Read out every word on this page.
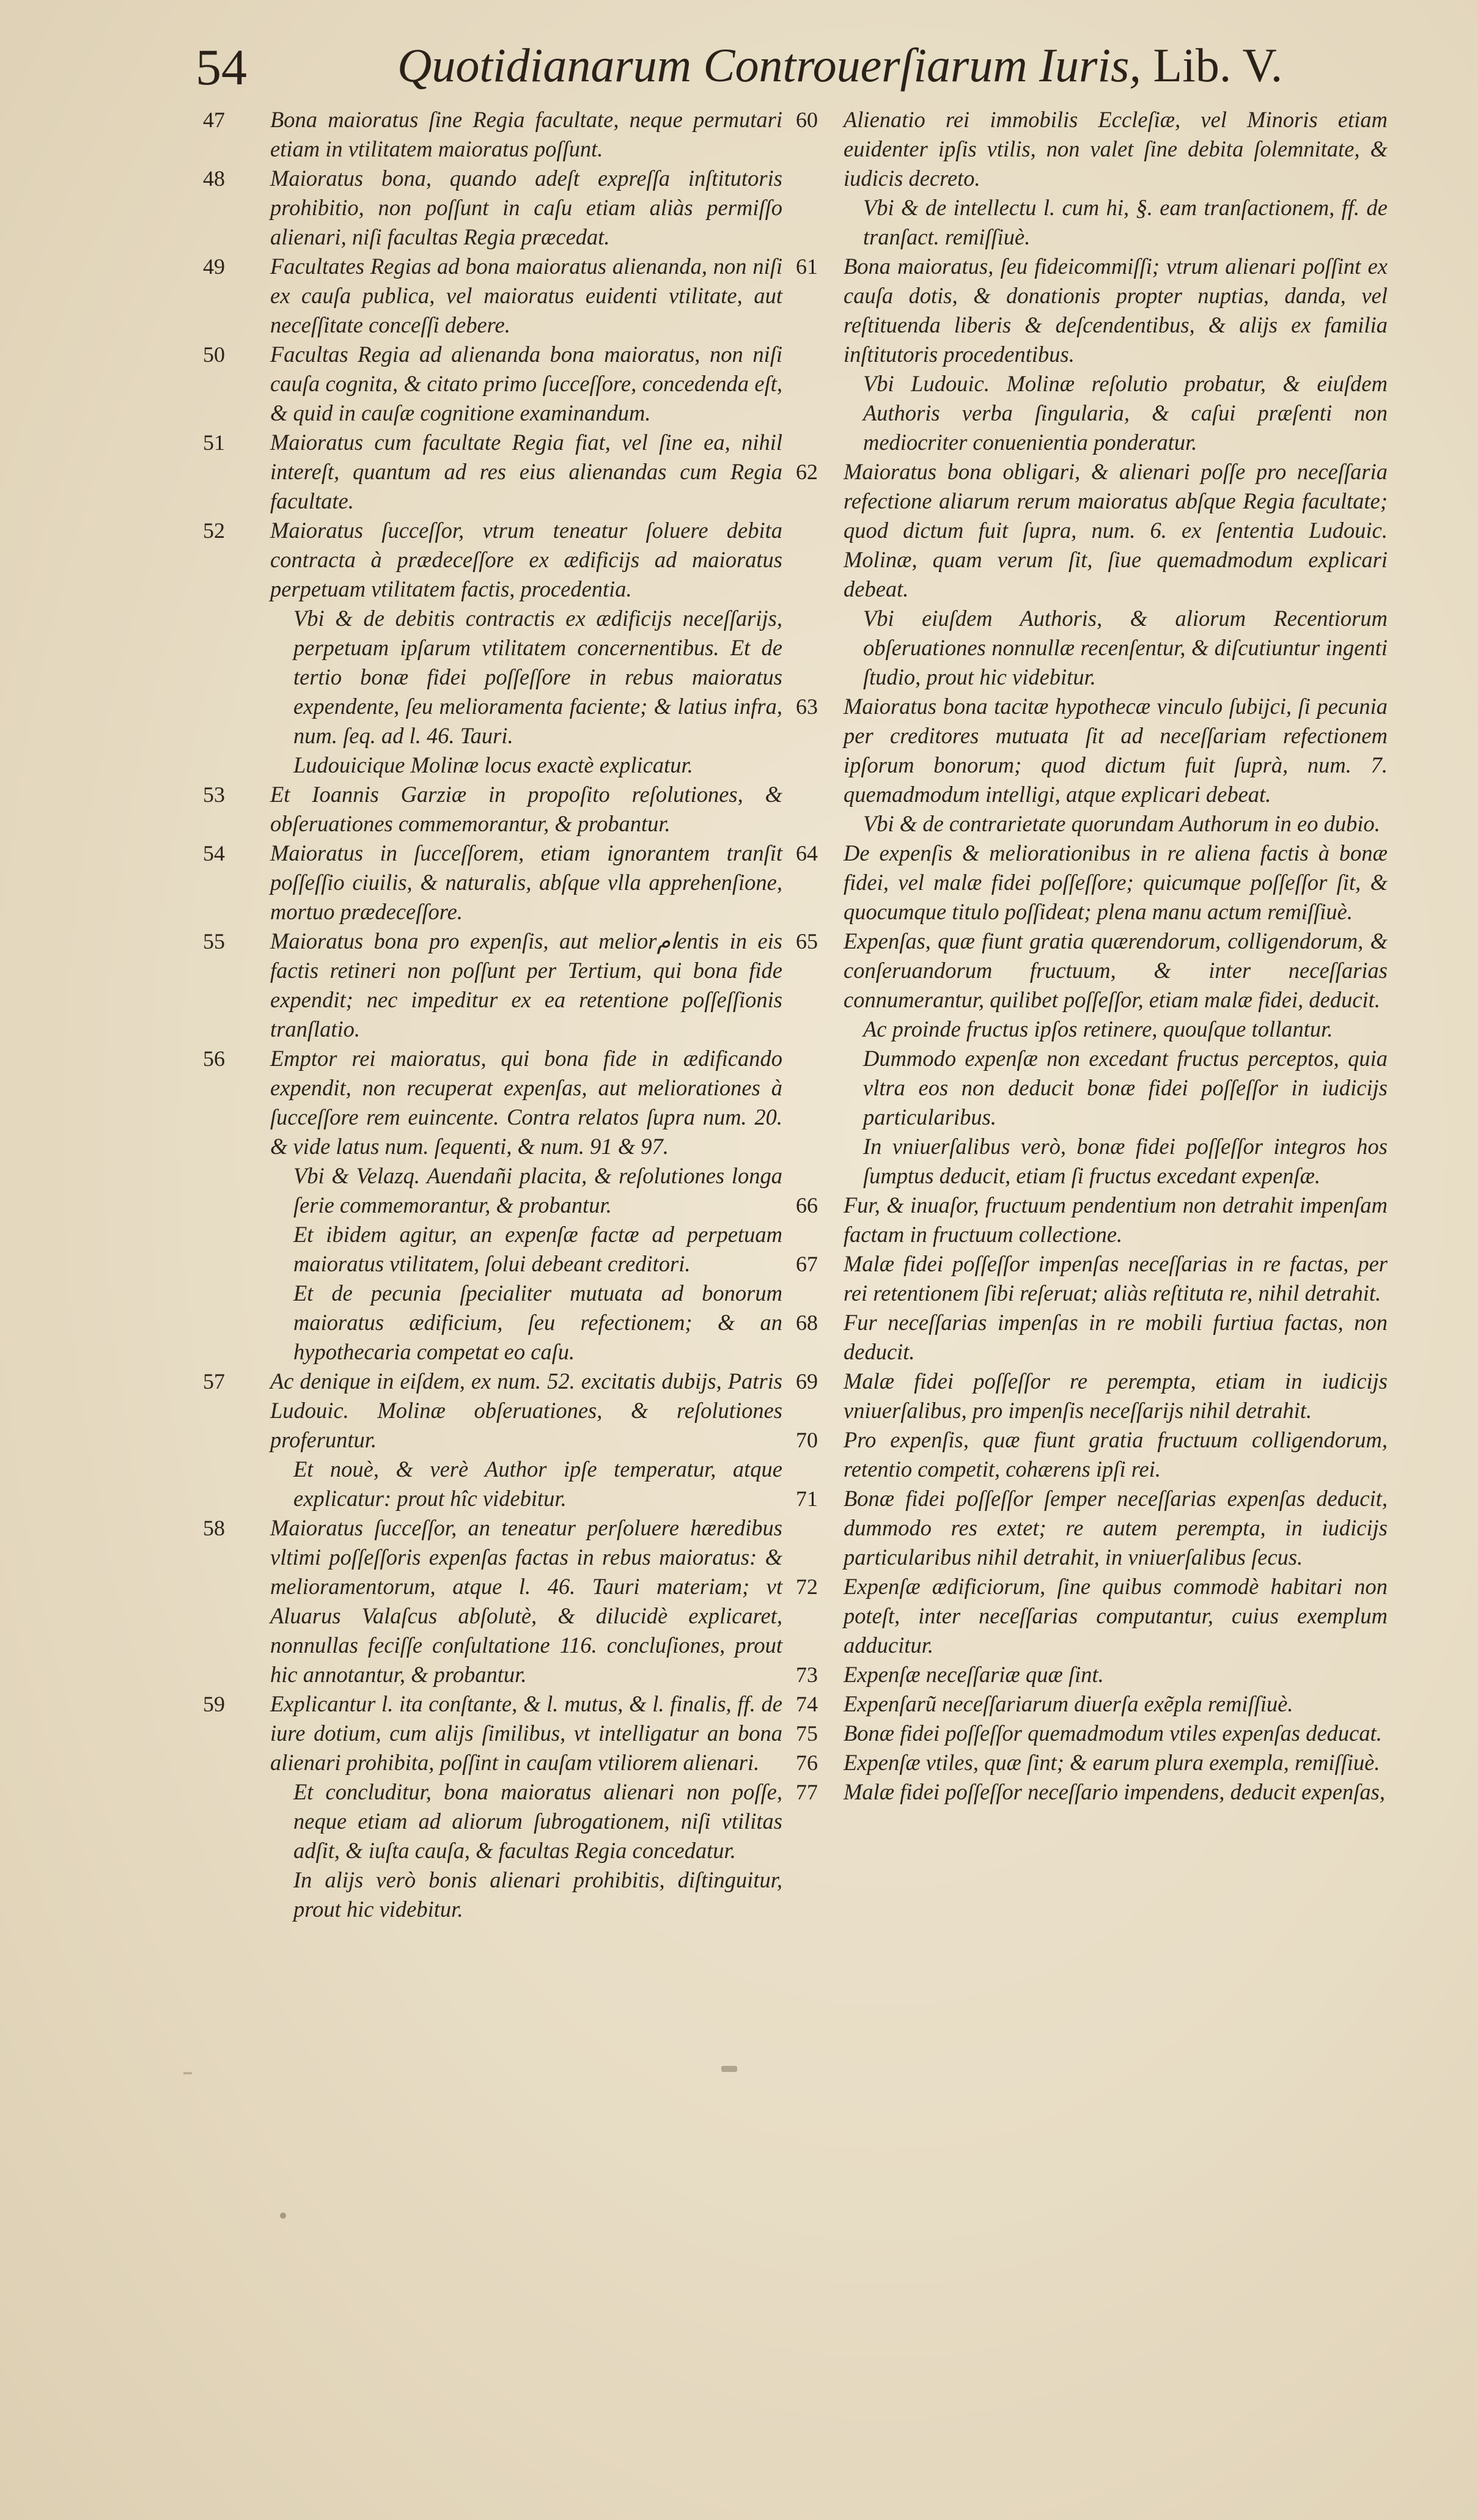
54	Quotidianarum Controuerſiarum Iuris, Lib. V.
47 Bona maioratus ſine Regia facultate, neque permutari etiam in vtilitatem maioratus poſſunt.
48 Maioratus bona, quando adeſt expreſſa inſtitutoris prohibitio, non poſſunt in caſu etiam aliàs permiſſo alienari, niſi facultas Regia præcedat.
49 Facultates Regias ad bona maioratus alienanda, non niſi ex cauſa publica, vel maioratus euidenti vtilitate, aut neceſſitate conceſſi debere.
50 Facultas Regia ad alienanda bona maioratus, non niſi cauſa cognita, & citato primo ſucceſſore, concedenda eſt, & quid in cauſæ cognitione examinandum.
51 Maioratus cum facultate Regia fiat, vel ſine ea, nihil intereſt, quantum ad res eius alienandas cum Regia facultate.
52 Maioratus ſucceſſor, vtrum teneatur ſoluere debita contracta à prædeceſſore ex ædificijs ad maioratus perpetuam vtilitatem factis, procedentia.
Vbi & de debitis contractis ex ædificijs neceſſarijs, perpetuam ipſarum vtilitatem concernentibus. Et de tertio bonæ fidei poſſeſſore in rebus maioratus expendente, ſeu melioramenta faciente; & latius infra, num. ſeq. ad l. 46. Tauri.
Ludouicique Molinæ locus exactè explicatur.
53 Et Ioannis Garziæ in propoſito reſolutiones, & obſeruationes commemorantur, & probantur.
54 Maioratus in ſucceſſorem, etiam ignorantem tranſit poſſeſſio ciuilis, & naturalis, abſque vlla apprehenſione, mortuo prædeceſſore.
55 Maioratus bona pro expenſis, aut meliorامentis in eis factis retineri non poſſunt per Tertium, qui bona fide expendit; nec impeditur ex ea retentione poſſeſſionis tranſlatio.
56 Emptor rei maioratus, qui bona fide in ædificando expendit, non recuperat expenſas, aut meliorationes à ſucceſſore rem euincente. Contra relatos ſupra num. 20. & vide latus num. ſequenti, & num. 91 & 97.
Vbi & Velazq. Auendañi placita, & reſolutiones longa ſerie commemorantur, & probantur.
Et ibidem agitur, an expenſæ factæ ad perpetuam maioratus vtilitatem, ſolui debeant creditori.
Et de pecunia ſpecialiter mutuata ad bonorum maioratus ædificium, ſeu refectionem; & an hypothecaria competat eo caſu.
57 Ac denique in eiſdem, ex num. 52. excitatis dubijs, Patris Ludouic. Molinæ obſeruationes, & reſolutiones proferuntur.
Et nouè, & verè Author ipſe temperatur, atque explicatur: prout hîc videbitur.
58 Maioratus ſucceſſor, an teneatur perſoluere hæredibus vltimi poſſeſſoris expenſas factas in rebus maioratus: & melioramentorum, atque l. 46. Tauri materiam; vt Aluarus Valaſcus abſolutè, & dilucidè explicaret, nonnullas feciſſe conſultatione 116. concluſiones, prout hic annotantur, & probantur.
59 Explicantur l. ita conſtante, & l. mutus, & l. finalis, ff. de iure dotium, cum alijs ſimilibus, vt intelligatur an bona alienari prohibita, poſſint in cauſam vtiliorem alienari.
Et concluditur, bona maioratus alienari non poſſe, neque etiam ad aliorum ſubrogationem, niſi vtilitas adſit, & iuſta cauſa, & facultas Regia concedatur.
In alijs verò bonis alienari prohibitis, diſtinguitur, prout hic videbitur.
60 Alienatio rei immobilis Eccleſiæ, vel Minoris etiam euidenter ipſis vtilis, non valet ſine debita ſolemnitate, & iudicis decreto.
Vbi & de intellectu l. cum hi, §. eam tranſactionem, ff. de tranſact. remiſſiuè.
61 Bona maioratus, ſeu fideicommiſſi; vtrum alienari poſſint ex cauſa dotis, & donationis propter nuptias, danda, vel reſtituenda liberis & deſcendentibus, & alijs ex familia inſtitutoris procedentibus.
Vbi Ludouic. Molinæ reſolutio probatur, & eiuſdem Authoris verba ſingularia, & caſui præſenti non mediocriter conuenientia ponderatur.
62 Maioratus bona obligari, & alienari poſſe pro neceſſaria refectione aliarum rerum maioratus abſque Regia facultate; quod dictum fuit ſupra, num. 6. ex ſententia Ludouic. Molinæ, quam verum ſit, ſiue quemadmodum explicari debeat.
Vbi eiuſdem Authoris, & aliorum Recentiorum obſeruationes nonnullæ recenſentur, & diſcutiuntur ingenti ſtudio, prout hic videbitur.
63 Maioratus bona tacitæ hypothecæ vinculo ſubijci, ſi pecunia per creditores mutuata ſit ad neceſſariam refectionem ipſorum bonorum; quod dictum fuit ſuprà, num. 7. quemadmodum intelligi, atque explicari debeat.
Vbi & de contrarietate quorundam Authorum in eo dubio.
64 De expenſis & meliorationibus in re aliena factis à bonæ fidei, vel malæ fidei poſſeſſore; quicumque poſſeſſor ſit, & quocumque titulo poſſideat; plena manu actum remiſſiuè.
65 Expenſas, quæ fiunt gratia quærendorum, colligendorum, & conſeruandorum fructuum, & inter neceſſarias connumerantur, quilibet poſſeſſor, etiam malæ fidei, deducit.
Ac proinde fructus ipſos retinere, quouſque tollantur.
Dummodo expenſæ non excedant fructus perceptos, quia vltra eos non deducit bonæ fidei poſſeſſor in iudicijs particularibus.
In vniuerſalibus verò, bonæ fidei poſſeſſor integros hos ſumptus deducit, etiam ſi fructus excedant expenſæ.
66 Fur, & inuaſor, fructuum pendentium non detrahit impenſam factam in fructuum collectione.
67 Malæ fidei poſſeſſor impenſas neceſſarias in re factas, per rei retentionem ſibi reſeruat; aliàs reſtituta re, nihil detrahit.
68 Fur neceſſarias impenſas in re mobili furtiua factas, non deducit.
69 Malæ fidei poſſeſſor re perempta, etiam in iudicijs vniuerſalibus, pro impenſis neceſſarijs nihil detrahit.
70 Pro expenſis, quæ fiunt gratia fructuum colligendorum, retentio competit, cohærens ipſi rei.
71 Bonæ fidei poſſeſſor ſemper neceſſarias expenſas deducit, dummodo res extet; re autem perempta, in iudicijs particularibus nihil detrahit, in vniuerſalibus ſecus.
72 Expenſæ ædificiorum, ſine quibus commodè habitari non poteſt, inter neceſſarias computantur, cuius exemplum adducitur.
73 Expenſæ neceſſariæ quæ ſint.
74 Expenſarũ neceſſariarum diuerſa exẽpla remiſſiuè.
75 Bonæ fidei poſſeſſor quemadmodum vtiles expenſas deducat.
76 Expenſæ vtiles, quæ ſint; & earum plura exempla, remiſſiuè.
77 Malæ fidei poſſeſſor neceſſario impendens, deducit expenſas,
